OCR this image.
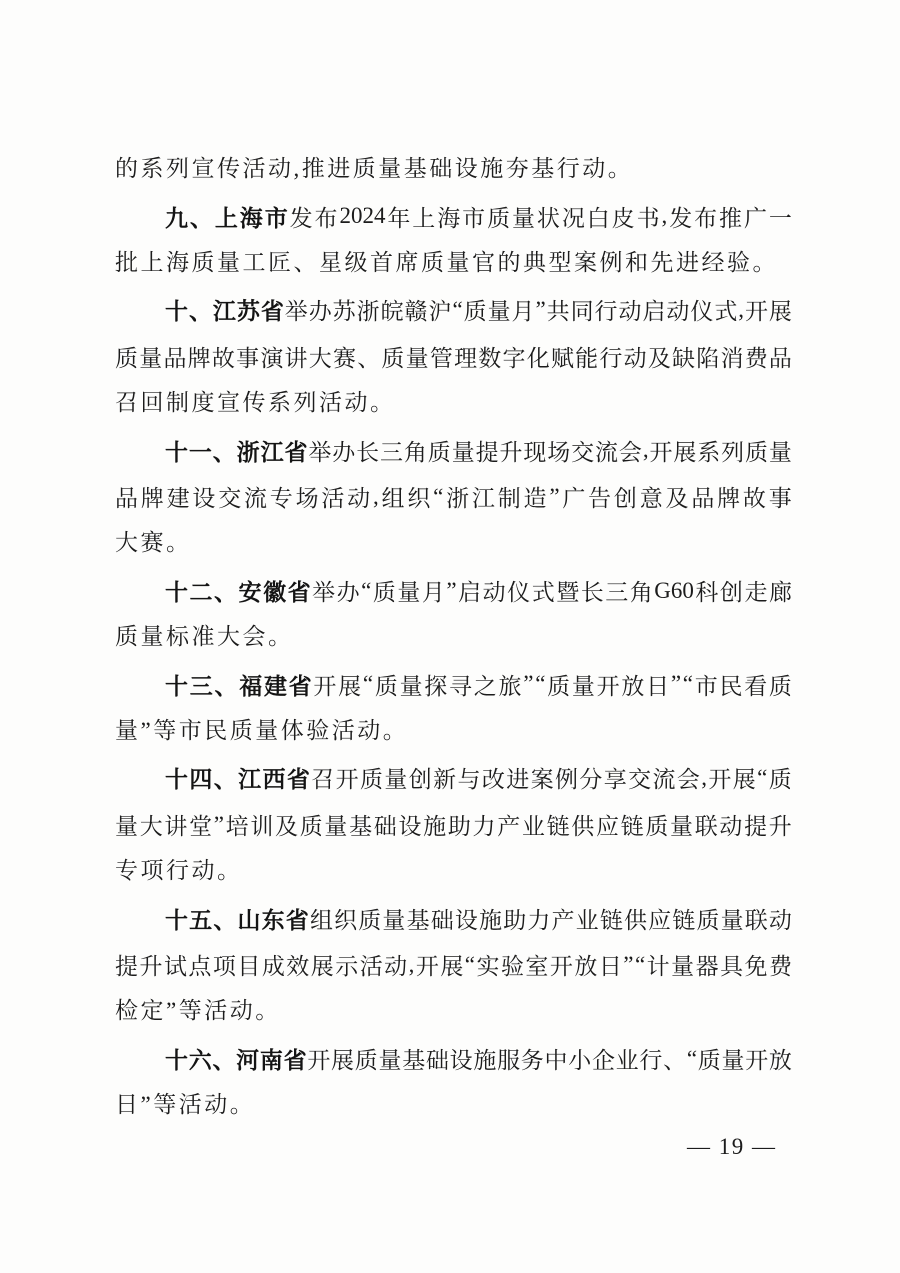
的系列宣传活动,推进质量基础设施夯基行动。
九 、 上 海 市 发 布 2024 年 上 海 市 质 量 状 况 白 皮 书 , 发 布 推 广 一
批上海质量工匠、星级首席质量官的典型案例和先进经验。
十 、 江 苏 省 举 办 苏 浙 皖 赣 沪 “ 质 量 月 ” 共 同 行 动 启 动 仪 式 , 开 展
质 量 品 牌 故 事 演 讲 大 赛 、 质 量 管 理 数 字 化 赋 能 行 动 及 缺 陷 消 费 品
召回制度宣传系列活动。
十 一 、 浙 江 省 举 办 长 三 角 质 量 提 升 现 场 交 流 会 , 开 展 系 列 质 量
品 牌 建 设 交 流 专 场 活 动 , 组 织 “ 浙 江 制 造 ” 广 告 创 意 及 品 牌 故 事
大赛。
十 二 、 安 徽 省 举 办 “ 质 量 月 ” 启 动 仪 式 暨 长 三 角 G60 科 创 走 廊
质量标准大会。
十 三 、 福 建 省 开 展 “ 质 量 探 寻 之 旅 ” “ 质 量 开 放 日 ” “ 市 民 看 质
量”等市民质量体验活动。
十 四 、 江 西 省 召 开 质 量 创 新 与 改 进 案 例 分 享 交 流 会 , 开 展 “ 质
量 大 讲 堂 ” 培 训 及 质 量 基 础 设 施 助 力 产 业 链 供 应 链 质 量 联 动 提 升
专项行动。
十 五 、 山 东 省 组 织 质 量 基 础 设 施 助 力 产 业 链 供 应 链 质 量 联 动
提 升 试 点 项 目 成 效 展 示 活 动 , 开 展 “ 实 验 室 开 放 日 ” “ 计 量 器 具 免 费
检定”等活动。
十 六 、 河 南 省 开 展 质 量 基 础 设 施 服 务 中 小 企 业 行 、 “ 质 量 开 放
日”等活动。
— 19 —
